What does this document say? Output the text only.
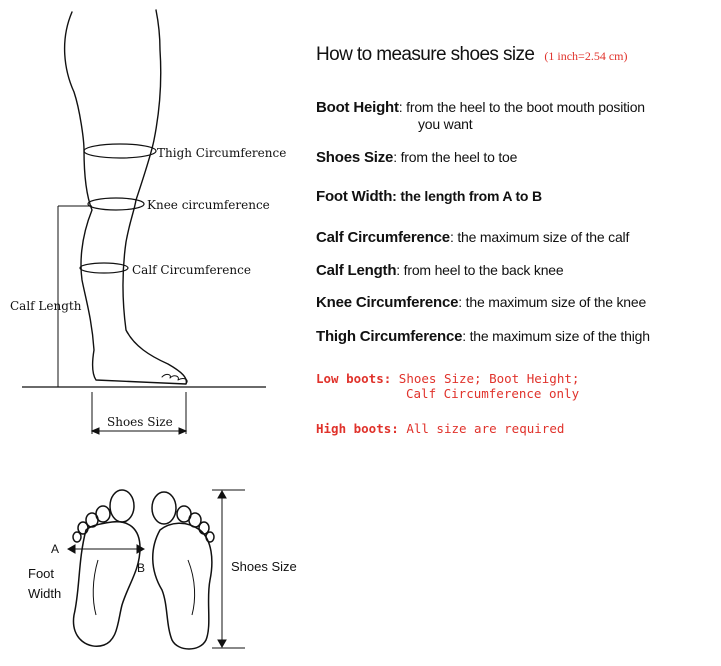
Calf Length
Shoes Size
Thigh Circumference
Knee circumference
Calf Circumference
A
B
Foot
Width
Shoes Size
How to measure shoes size (1 inch=2.54 cm)
Boot Height: from the heel to the boot mouth position
you want
Shoes Size: from the heel to toe
Foot Width: the length from A to B
Calf Circumference: the maximum size of the calf
Calf Length: from heel to the back knee
Knee Circumference: the maximum size of the knee
Thigh Circumference: the maximum size of the thigh
Low boots: Shoes Size; Boot Height;
Calf Circumference only
High boots: All size are required
